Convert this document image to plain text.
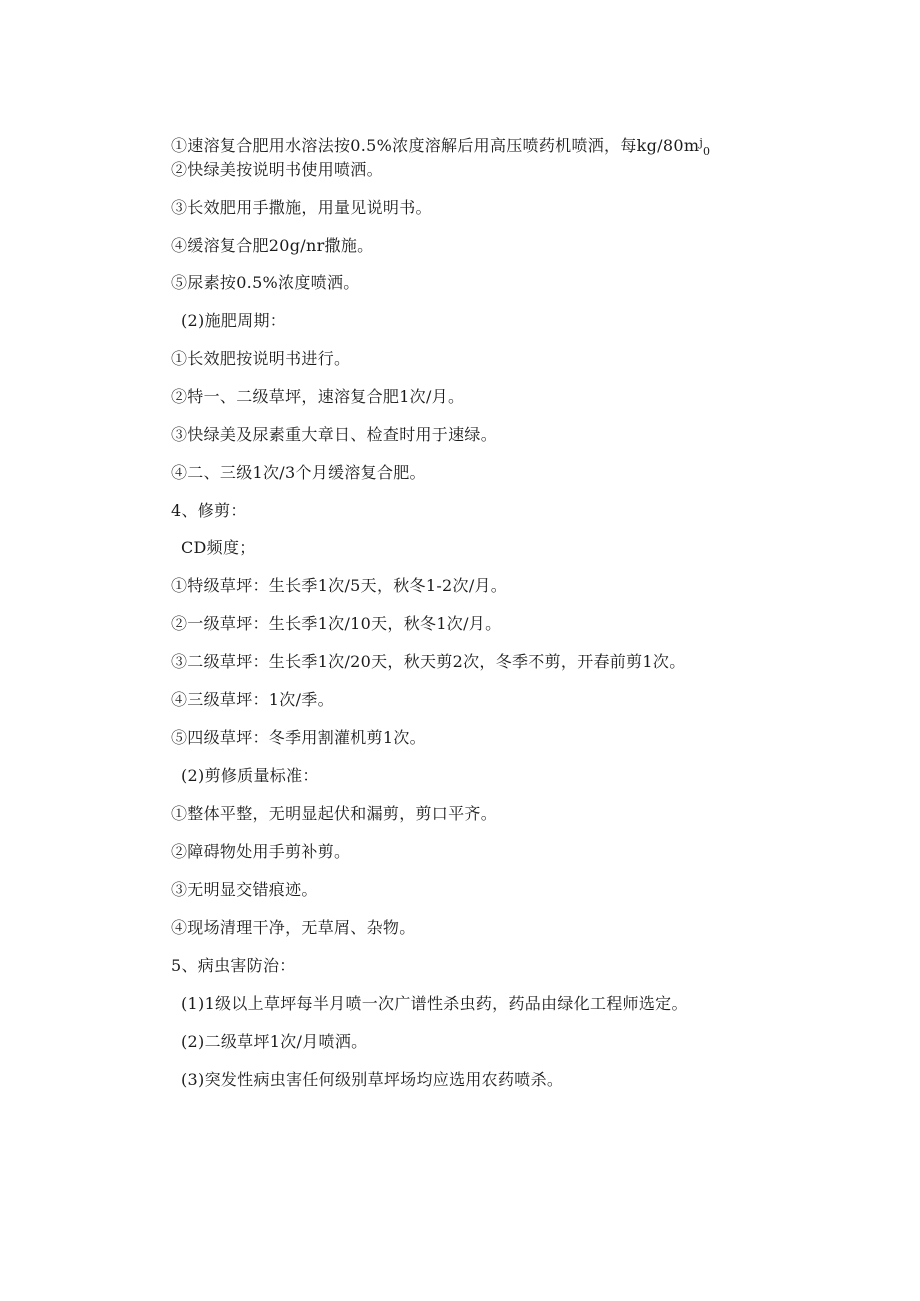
①速溶复合肥用水溶法按0.5%浓度溶解后用高压喷药机喷洒，每$kg/80m^j_0$
②快绿美按说明书使用喷洒。
③长效肥用手撒施，用量见说明书。
④缓溶复合肥20g/nr撒施。
⑤尿素按0.5%浓度喷洒。
(2)施肥周期：
①长效肥按说明书进行。
②特一、二级草坪，速溶复合肥1次/月。
③快绿美及尿素重大章日、检查时用于速绿。
④二、三级1次/3个月缓溶复合肥。
4、修剪：
CD频度；
①特级草坪：生长季1次/5天，秋冬1-2次/月。
②一级草坪：生长季1次/10天，秋冬1次/月。
③二级草坪：生长季1次/20天，秋天剪2次，冬季不剪，开春前剪1次。
④三级草坪：1次/季。
⑤四级草坪：冬季用割灌机剪1次。
(2)剪修质量标准：
①整体平整，无明显起伏和漏剪，剪口平齐。
②障碍物处用手剪补剪。
③无明显交错痕迹。
④现场清理干净，无草屑、杂物。
5、病虫害防治：
(1)1级以上草坪每半月喷一次广谱性杀虫药，药品由绿化工程师选定。
(2)二级草坪1次/月喷洒。
(3)突发性病虫害任何级别草坪场均应选用农药喷杀。
